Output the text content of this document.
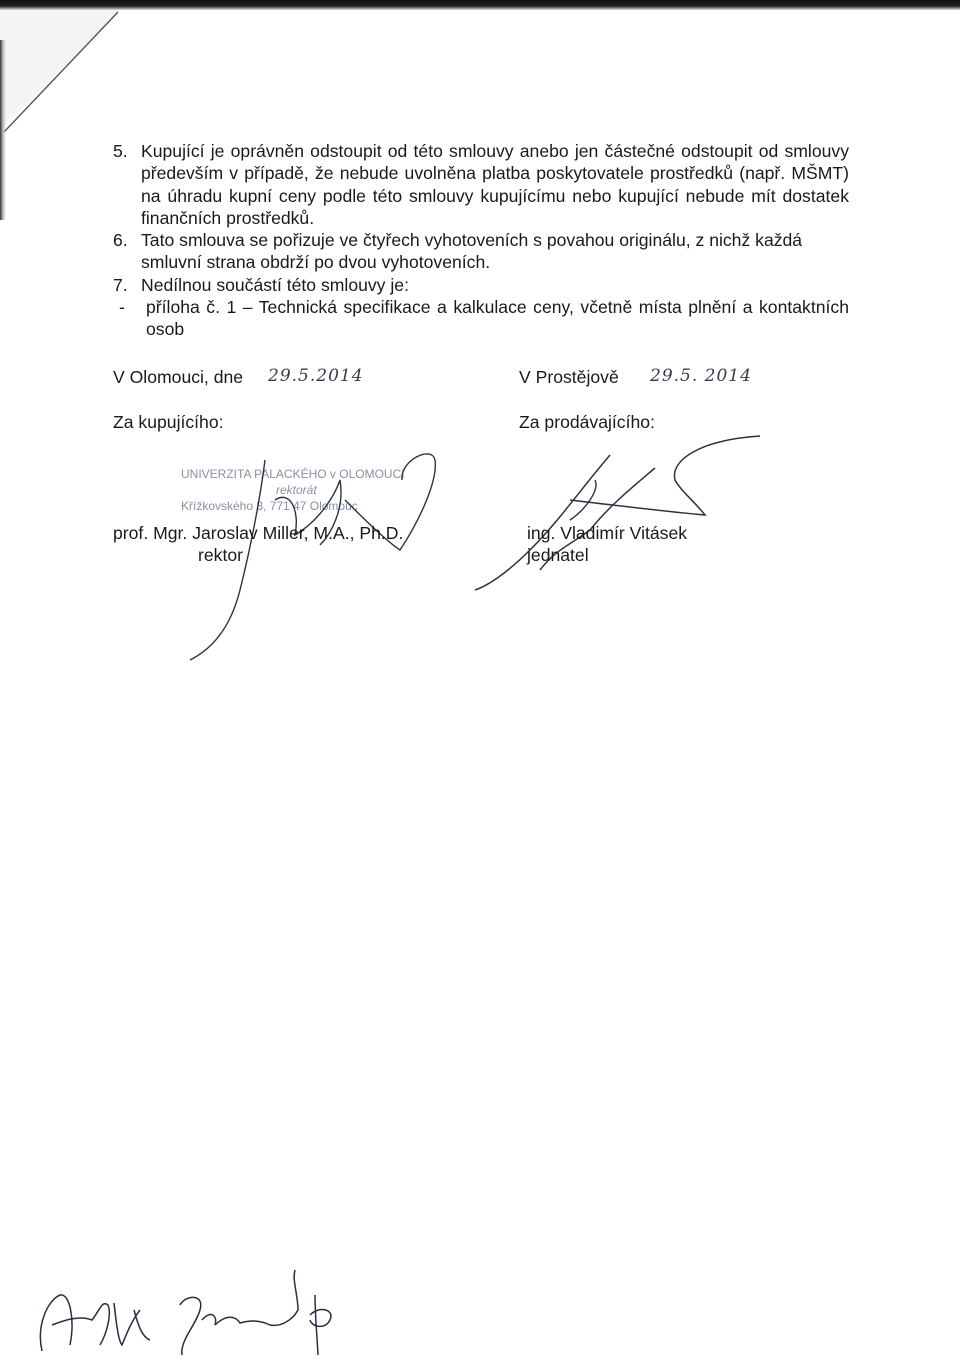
5. Kupující je oprávněn odstoupit od této smlouvy anebo jen částečné odstoupit od smlouvy především v případě, že nebude uvolněna platba poskytovatele prostředků (např. MŠMT) na úhradu kupní ceny podle této smlouvy kupujícímu nebo kupující nebude mít dostatek finančních prostředků.
6. Tato smlouva se pořizuje ve čtyřech vyhotoveních s povahou originálu, z nichž každá smluvní strana obdrží po dvou vyhotoveních.
7. Nedílnou součástí této smlouvy je:
- příloha č. 1 – Technická specifikace a kalkulace ceny, včetně místa plnění a kontaktních osob
V Olomouci, dne 29.5.2014
Za kupujícího:
UNIVERZITA PALACKÉHO v OLOMOUCI
rektorát
Křížkovského 8, 771 47 Olomouc
prof. Mgr. Jaroslav Miller, M.A., Ph.D.
rektor
V Prostějově 29.5. 2014
Za prodávajícího:
ing. Vladimír Vitásek
jednatel
